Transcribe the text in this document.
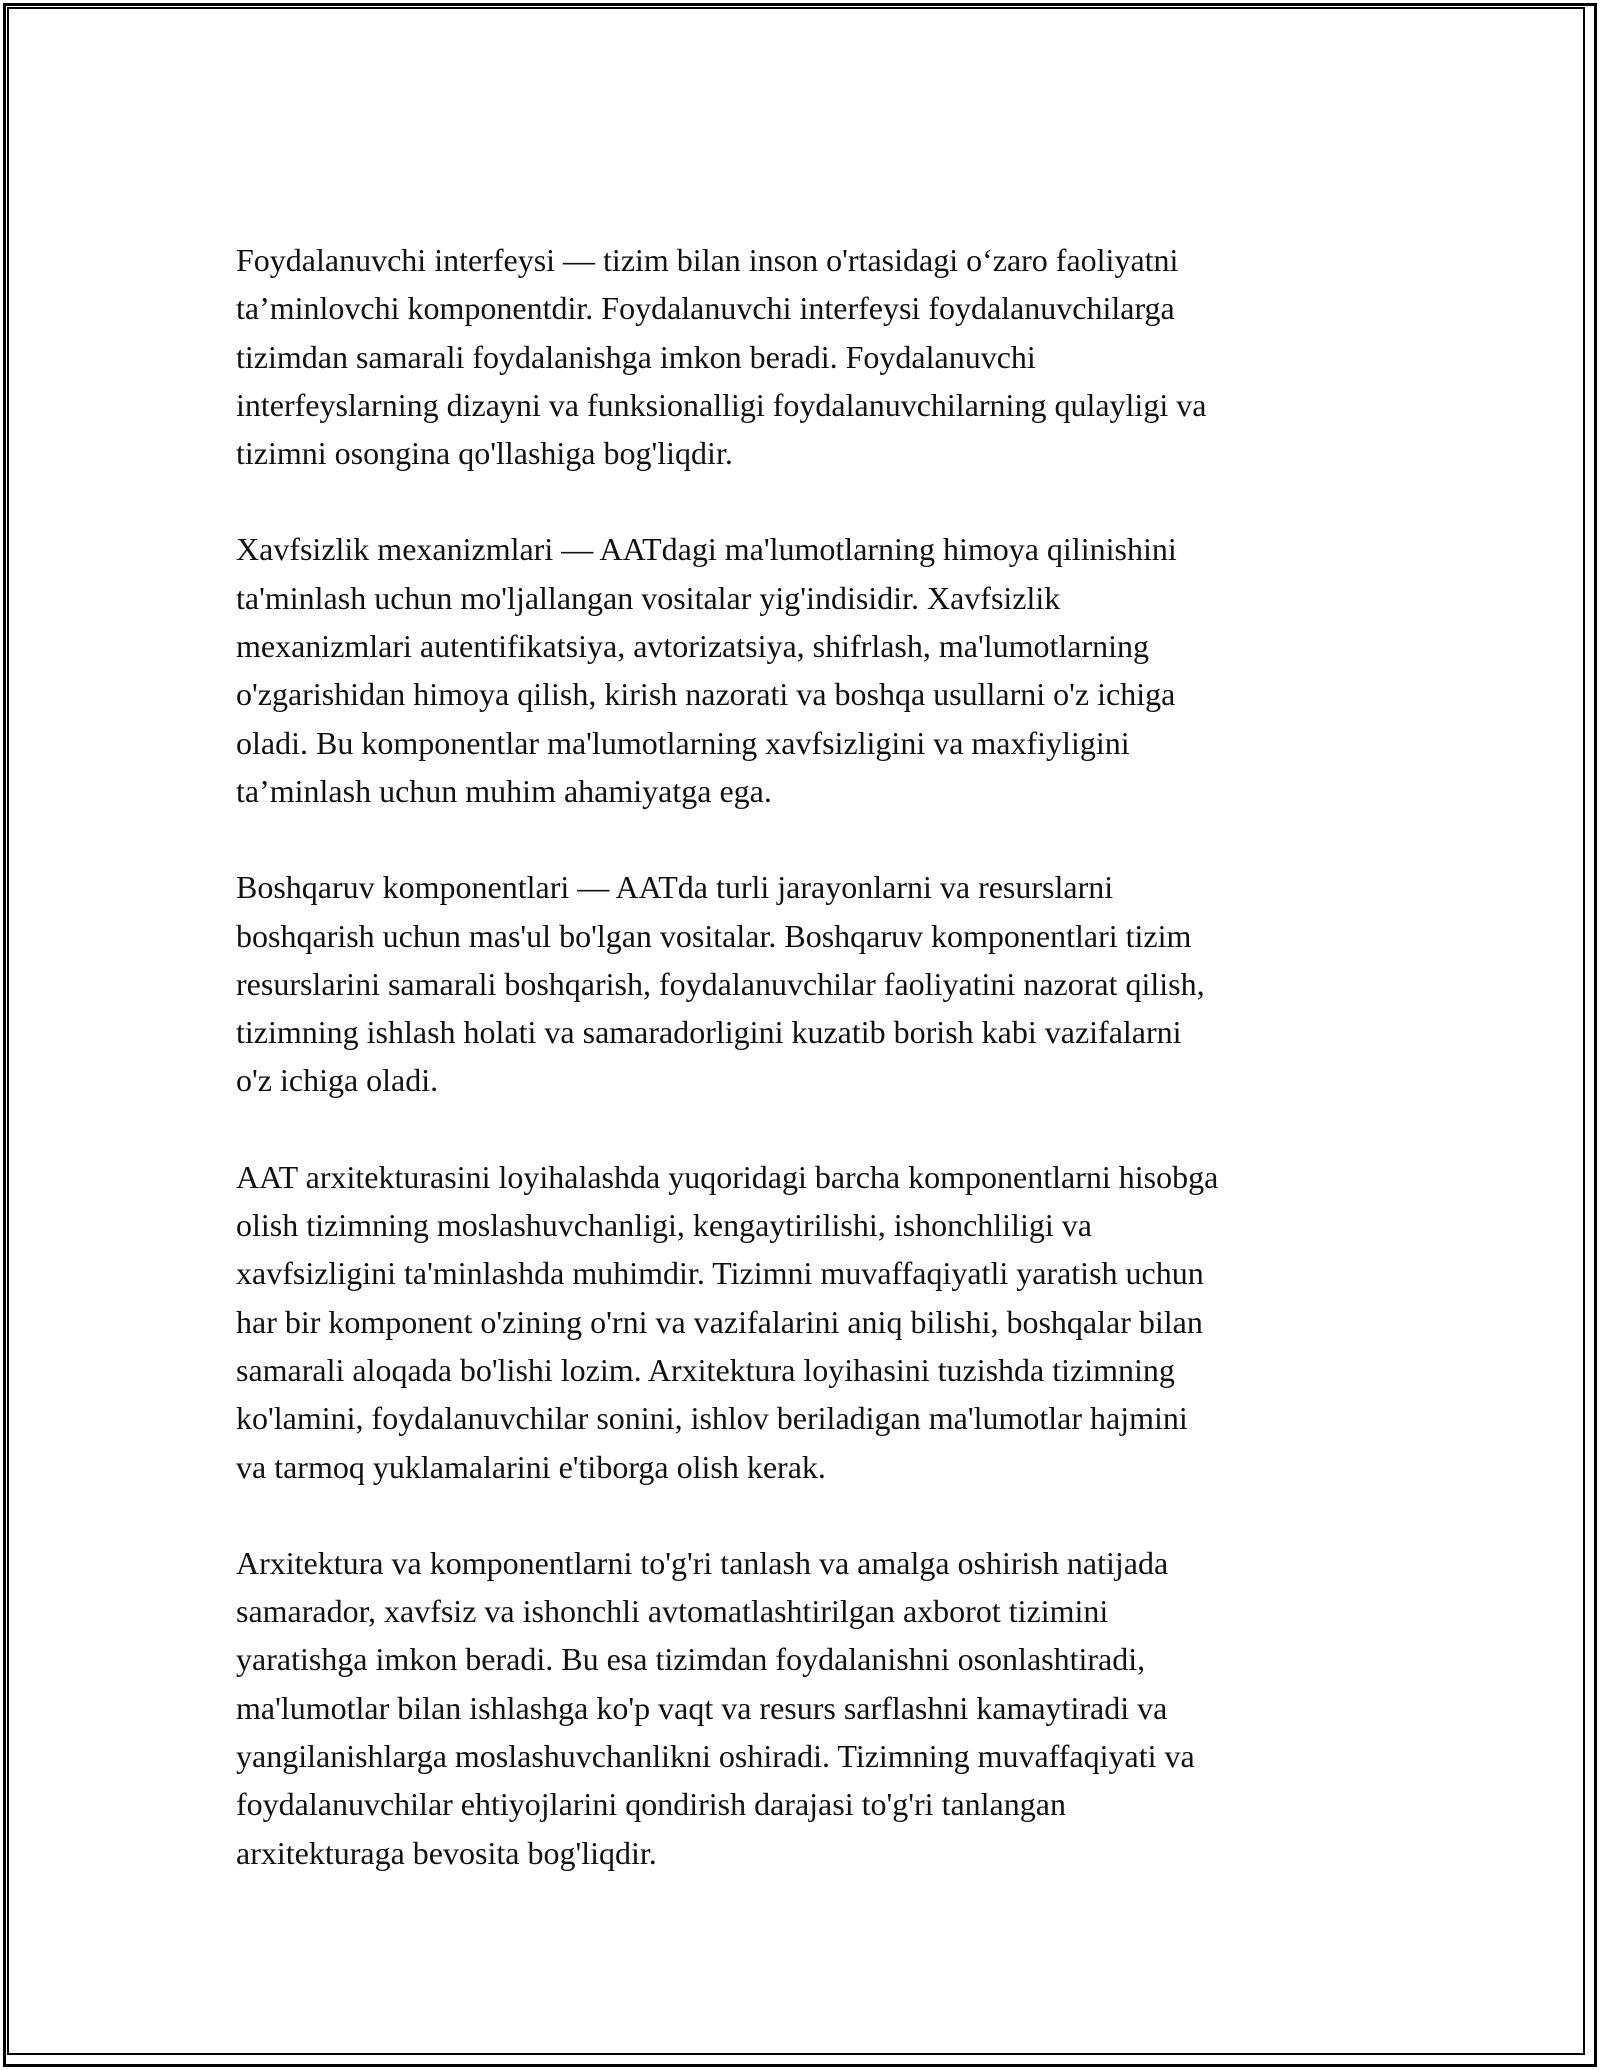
Foydalanuvchi interfeysi — tizim bilan inson o'rtasidagi o‘zaro faoliyatni
ta’minlovchi komponentdir. Foydalanuvchi interfeysi foydalanuvchilarga
tizimdan samarali foydalanishga imkon beradi. Foydalanuvchi
interfeyslarning dizayni va funksionalligi foydalanuvchilarning qulayligi va
tizimni osongina qo'llashiga bog'liqdir.

Xavfsizlik mexanizmlari — AATdagi ma'lumotlarning himoya qilinishini
ta'minlash uchun mo'ljallangan vositalar yig'indisidir. Xavfsizlik
mexanizmlari autentifikatsiya, avtorizatsiya, shifrlash, ma'lumotlarning
o'zgarishidan himoya qilish, kirish nazorati va boshqa usullarni o'z ichiga
oladi. Bu komponentlar ma'lumotlarning xavfsizligini va maxfiyligini
ta’minlash uchun muhim ahamiyatga ega.

Boshqaruv komponentlari — AATda turli jarayonlarni va resurslarni
boshqarish uchun mas'ul bo'lgan vositalar. Boshqaruv komponentlari tizim
resurslarini samarali boshqarish, foydalanuvchilar faoliyatini nazorat qilish,
tizimning ishlash holati va samaradorligini kuzatib borish kabi vazifalarni
o'z ichiga oladi.

AAT arxitekturasini loyihalashda yuqoridagi barcha komponentlarni hisobga
olish tizimning moslashuvchanligi, kengaytirilishi, ishonchliligi va
xavfsizligini ta'minlashda muhimdir. Tizimni muvaffaqiyatli yaratish uchun
har bir komponent o'zining o'rni va vazifalarini aniq bilishi, boshqalar bilan
samarali aloqada bo'lishi lozim. Arxitektura loyihasini tuzishda tizimning
ko'lamini, foydalanuvchilar sonini, ishlov beriladigan ma'lumotlar hajmini
va tarmoq yuklamalarini e'tiborga olish kerak.

Arxitektura va komponentlarni to'g'ri tanlash va amalga oshirish natijada
samarador, xavfsiz va ishonchli avtomatlashtirilgan axborot tizimini
yaratishga imkon beradi. Bu esa tizimdan foydalanishni osonlashtiradi,
ma'lumotlar bilan ishlashga ko'p vaqt va resurs sarflashni kamaytiradi va
yangilanishlarga moslashuvchanlikni oshiradi. Tizimning muvaffaqiyati va
foydalanuvchilar ehtiyojlarini qondirish darajasi to'g'ri tanlangan
arxitekturaga bevosita bog'liqdir.
